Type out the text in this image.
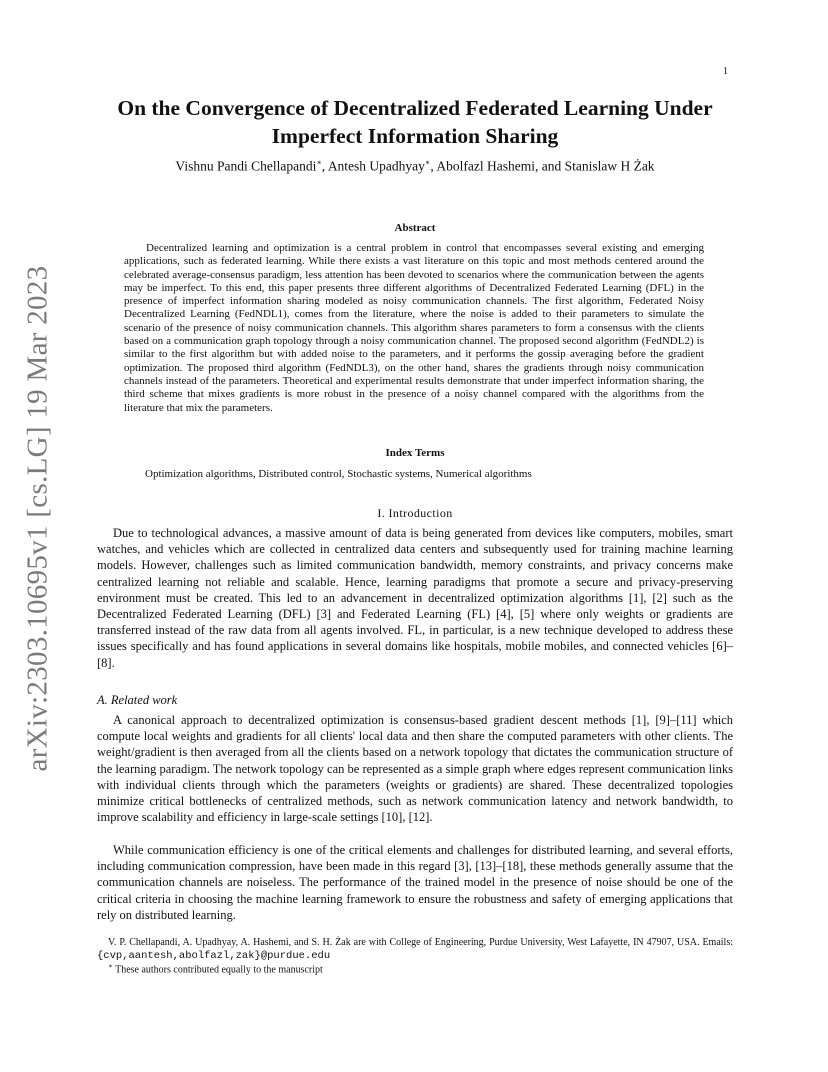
1
arXiv:2303.10695v1 [cs.LG] 19 Mar 2023
On the Convergence of Decentralized Federated Learning Under Imperfect Information Sharing
Vishnu Pandi Chellapandi∗, Antesh Upadhyay∗, Abolfazl Hashemi, and Stanislaw H Żak
Abstract

Decentralized learning and optimization is a central problem in control that encompasses several existing and emerging applications, such as federated learning. While there exists a vast literature on this topic and most methods centered around the celebrated average-consensus paradigm, less attention has been devoted to scenarios where the communication between the agents may be imperfect. To this end, this paper presents three different algorithms of Decentralized Federated Learning (DFL) in the presence of imperfect information sharing modeled as noisy communication channels. The first algorithm, Federated Noisy Decentralized Learning (FedNDL1), comes from the literature, where the noise is added to their parameters to simulate the scenario of the presence of noisy communication channels. This algorithm shares parameters to form a consensus with the clients based on a communication graph topology through a noisy communication channel. The proposed second algorithm (FedNDL2) is similar to the first algorithm but with added noise to the parameters, and it performs the gossip averaging before the gradient optimization. The proposed third algorithm (FedNDL3), on the other hand, shares the gradients through noisy communication channels instead of the parameters. Theoretical and experimental results demonstrate that under imperfect information sharing, the third scheme that mixes gradients is more robust in the presence of a noisy channel compared with the algorithms from the literature that mix the parameters.

Index Terms
Optimization algorithms, Distributed control, Stochastic systems, Numerical algorithms
I. Introduction

Due to technological advances, a massive amount of data is being generated from devices like computers, mobiles, smart watches, and vehicles which are collected in centralized data centers and subsequently used for training machine learning models. However, challenges such as limited communication bandwidth, memory constraints, and privacy concerns make centralized learning not reliable and scalable. Hence, learning paradigms that promote a secure and privacy-preserving environment must be created. This led to an advancement in decentralized optimization algorithms [1], [2] such as the Decentralized Federated Learning (DFL) [3] and Federated Learning (FL) [4], [5] where only weights or gradients are transferred instead of the raw data from all agents involved. FL, in particular, is a new technique developed to address these issues specifically and has found applications in several domains like hospitals, mobile mobiles, and connected vehicles [6]–[8].

A. Related work

A canonical approach to decentralized optimization is consensus-based gradient descent methods [1], [9]–[11] which compute local weights and gradients for all clients' local data and then share the computed parameters with other clients. The weight/gradient is then averaged from all the clients based on a network topology that dictates the communication structure of the learning paradigm. The network topology can be represented as a simple graph where edges represent communication links with individual clients through which the parameters (weights or gradients) are shared. These decentralized topologies minimize critical bottlenecks of centralized methods, such as network communication latency and network bandwidth, to improve scalability and efficiency in large-scale settings [10], [12].

While communication efficiency is one of the critical elements and challenges for distributed learning, and several efforts, including communication compression, have been made in this regard [3], [13]–[18], these methods generally assume that the communication channels are noiseless. The performance of the trained model in the presence of noise should be one of the critical criteria in choosing the machine learning framework to ensure the robustness and safety of emerging applications that rely on distributed learning.

V. P. Chellapandi, A. Upadhyay, A. Hashemi, and S. H. Żak are with College of Engineering, Purdue University, West Lafayette, IN 47907, USA. Emails: {cvp,aantesh,abolfazl,zak}@purdue.edu

∗ These authors contributed equally to the manuscript
